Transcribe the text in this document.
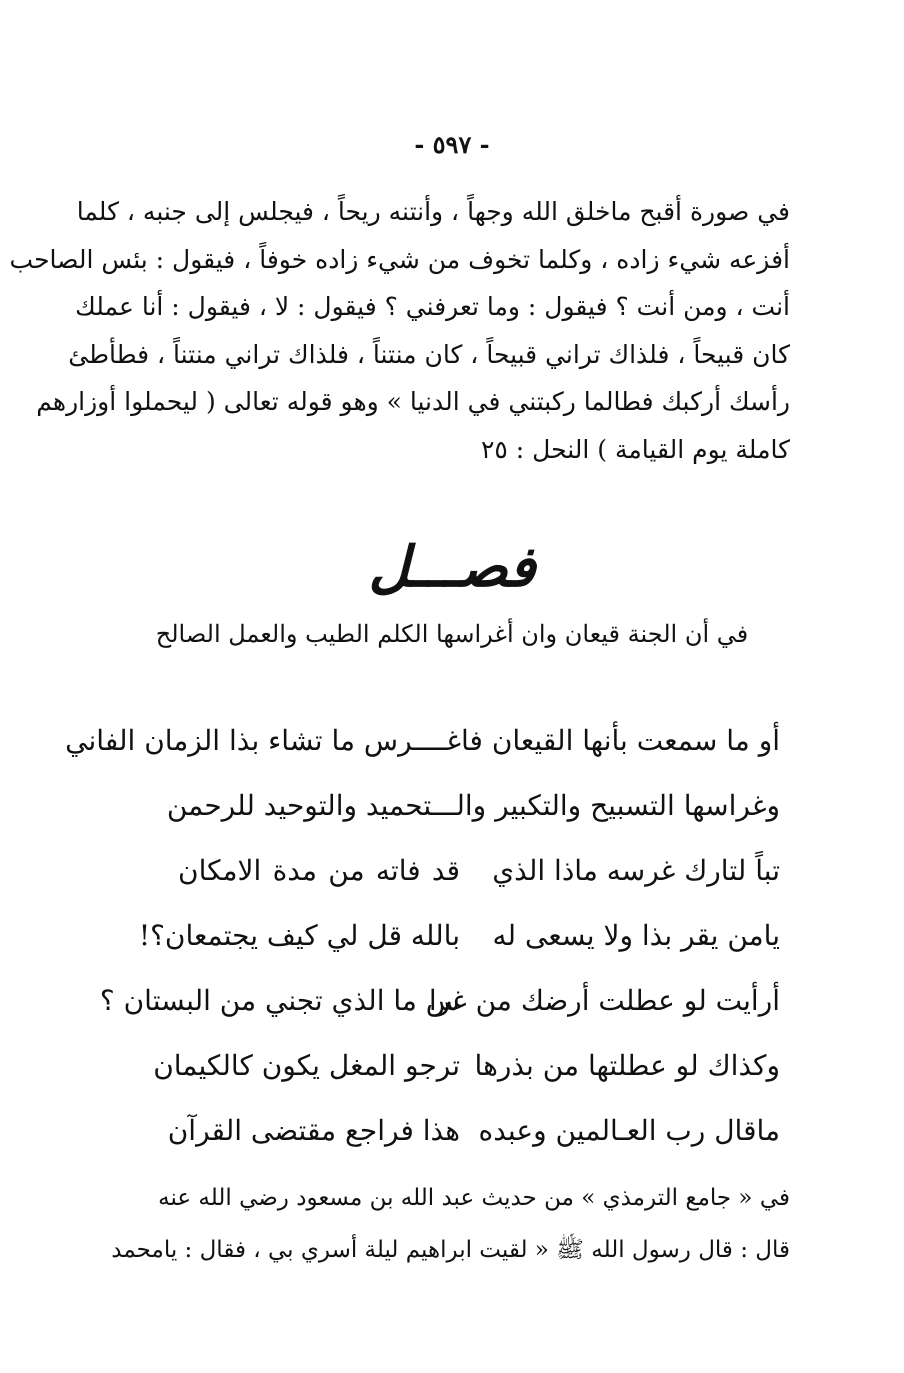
- ٥٩٧ -
في صورة أقبح ماخلق الله وجهاً ، وأنتنه ريحاً ، فيجلس إلى جنبه ، كلما
أفزعه شيء زاده ، وكلما تخوف من شيء زاده خوفاً ، فيقول : بئس الصاحب
أنت ، ومن أنت ؟ فيقول : وما تعرفني ؟ فيقول : لا ، فيقول : أنا عملك
كان قبيحاً ، فلذاك تراني قبيحاً ، كان منتناً ، فلذاك تراني منتناً ، فطأطئ
رأسك أركبك فطالما ركبتني في الدنيا » وهو قوله تعالى ( ليحملوا أوزارهم
كاملة يوم القيامة ) النحل : ٢٥
فصـــل
في أن الجنة قيعان وان أغراسها الكلم الطيب والعمل الصالح
أو ما سمعت بأنها القيعان فاغــــرس ما تشاء بذا الزمان الفاني
وغراسها التسبيح والتكبير والـــتحميد والتوحيد للرحمن
تباً لتارك غرسه ماذا الذي
قد فاته من مدة الامكان
يامن يقر بذا ولا يسعى له
بالله قل لي كيف يجتمعان؟!
أرأيت لو عطلت أرضك من غرا
س ما الذي تجني من البستان ؟
وكذاك لو عطلتها من بذرها
ترجو المغل يكون كالكيمان
ماقال رب العـالمين وعبده
هذا فراجع مقتضى القرآن
في « جامع الترمذي » من حديث عبد الله بن مسعود رضي الله عنه
قال : قال رسول الله ﷺ « لقيت ابراهيم ليلة أسري بي ، فقال : يامحمد
